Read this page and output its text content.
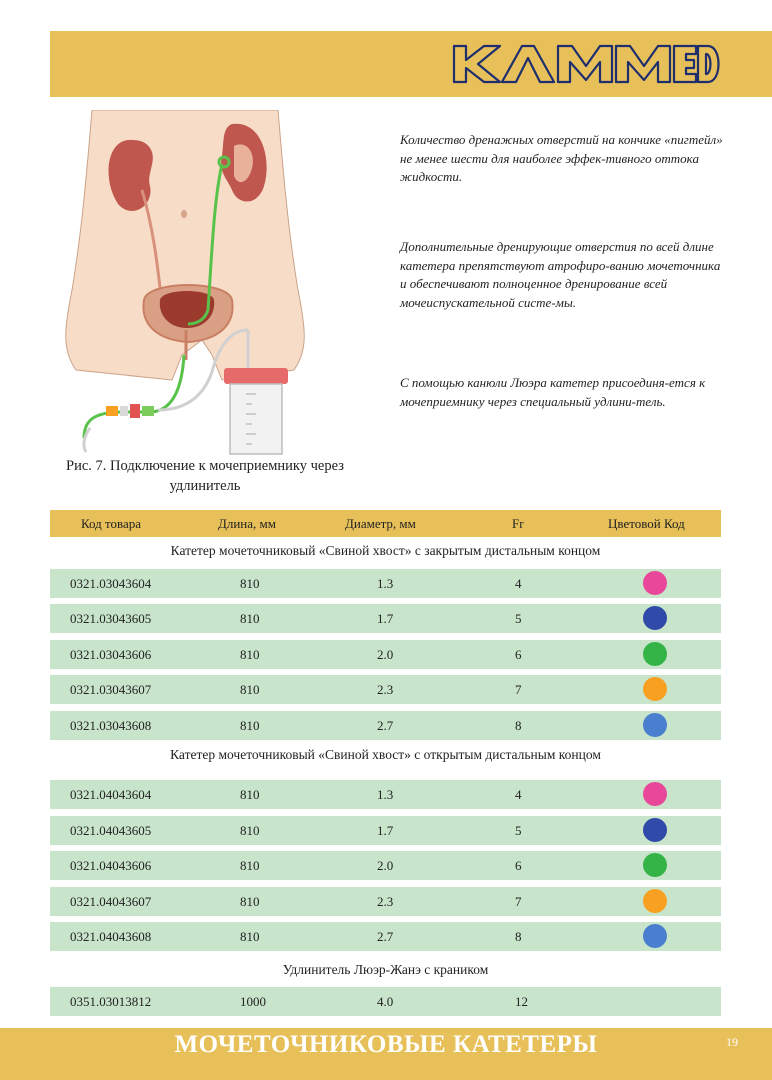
Рис. 7. Подключение к мочеприемнику через удлинитель

Количество дренажных отверстий на кончике «пигтейл» не менее шести для наиболее эффек-тивного оттока жидкости.

Дополнительные дренирующие отверстия по всей длине катетера препятствуют атрофиро-ванию мочеточника и обеспечивают полноценное дренирование всей мочеиспускательной систе-мы.

С помощью канюли Люэра катетер присоединя-ется к мочеприемнику через специальный удлини-тель.

Код товара	Длина, мм	Диаметр, мм	Fr	Цветовой Код
Катетер мочеточниковый «Свиной хвост» с закрытым дистальным концом
0321.03043604	810	1.3	4
0321.03043605	810	1.7	5
0321.03043606	810	2.0	6
0321.03043607	810	2.3	7
0321.03043608	810	2.7	8
Катетер мочеточниковый «Свиной хвост» с открытым дистальным концом
0321.04043604	810	1.3	4
0321.04043605	810	1.7	5
0321.04043606	810	2.0	6
0321.04043607	810	2.3	7
0321.04043608	810	2.7	8
Удлинитель Люэр-Жанэ с краником
0351.03013812	1000	4.0	12
МОЧЕТОЧНИКОВЫЕ КАТЕТЕРЫ	19
